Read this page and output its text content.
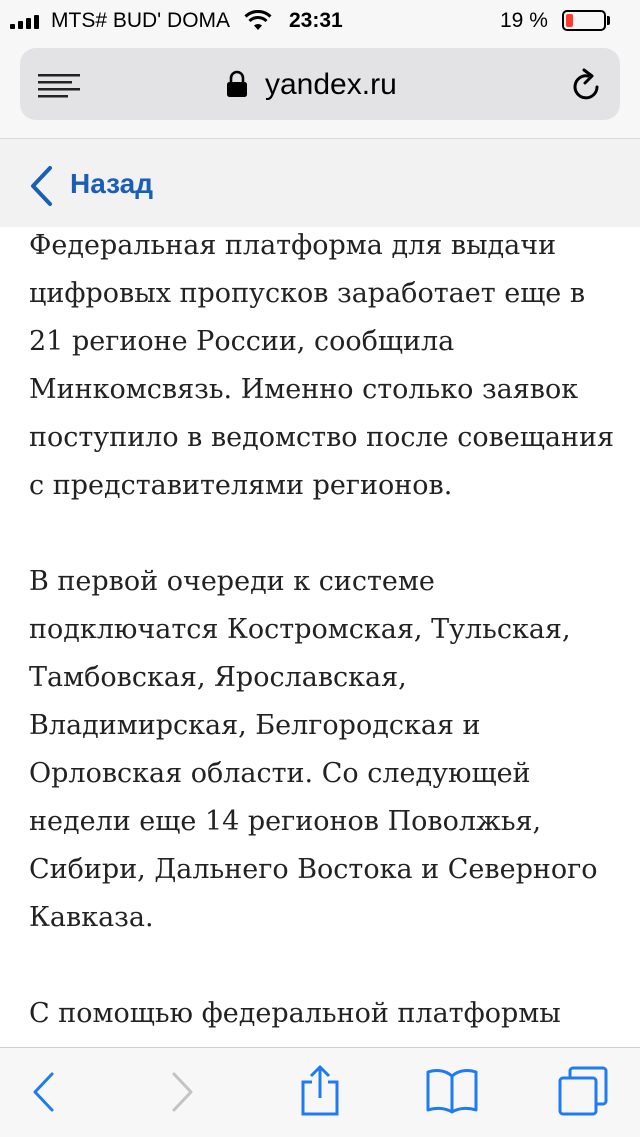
MTS# BUD' DOMA	23:31	19 %
yandex.ru
Назад

Федеральная платформа для выдачи цифровых пропусков заработает еще в 21 регионе России, сообщила Минкомсвязь. Именно столько заявок поступило в ведомство после совещания с представителями регионов.

В первой очереди к системе подключатся Костромская, Тульская, Тамбовская, Ярославская, Владимирская, Белгородская и Орловская области. Со следующей недели еще 14 регионов Поволжья, Сибири, Дальнего Востока и Северного Кавказа.

С помощью федеральной платформы
